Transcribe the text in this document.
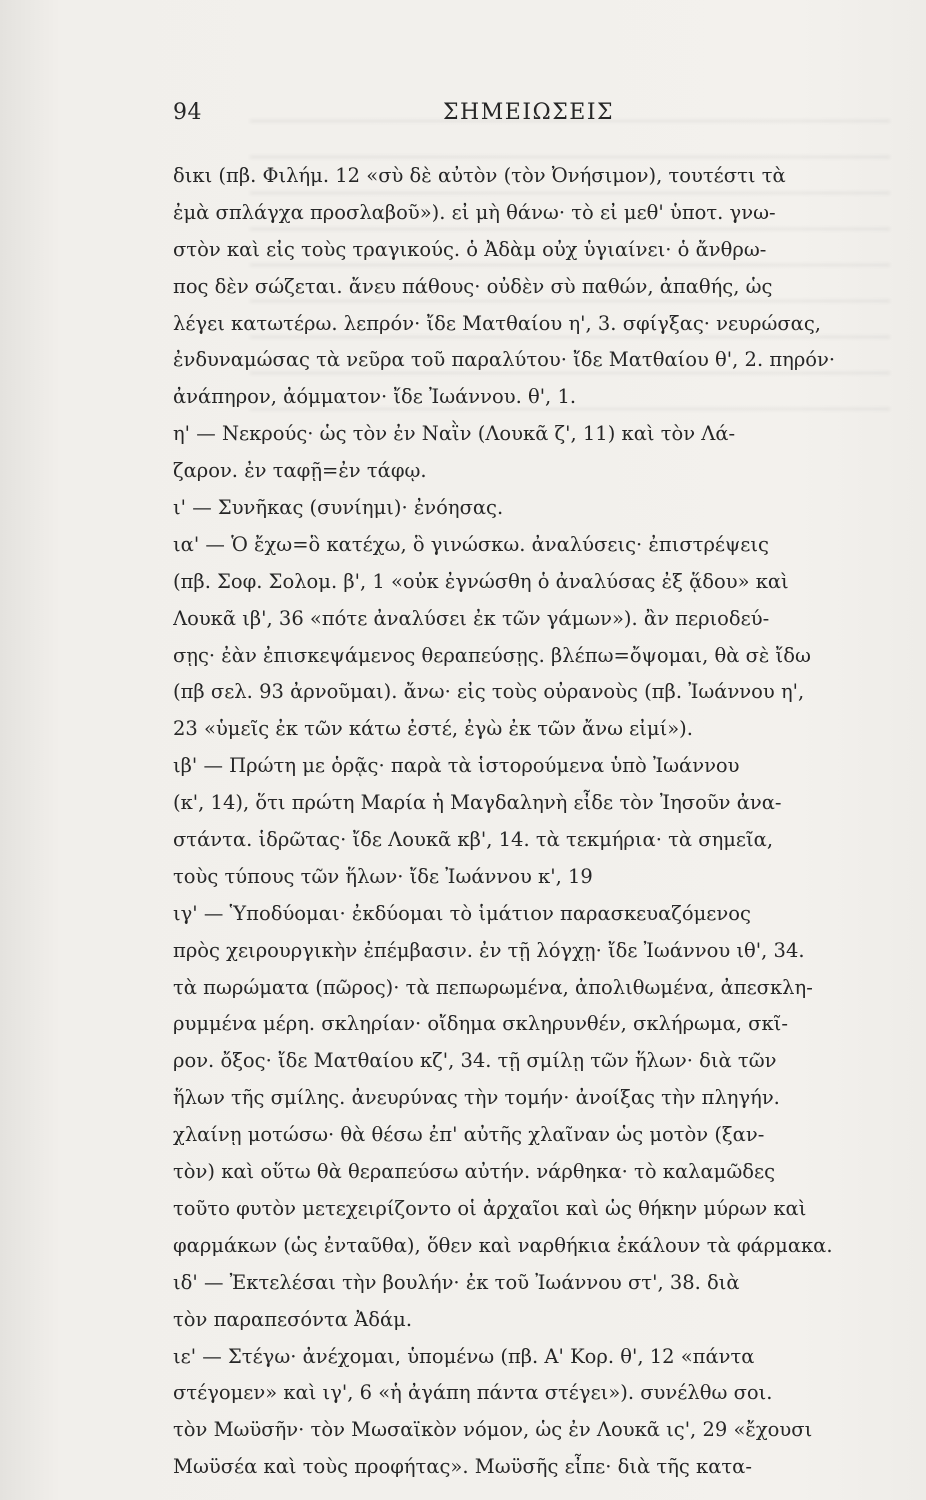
94	ΣΗΜΕΙΩΣΕΙΣ
δικι (πβ. Φιλήμ. 12 «σὺ δὲ αὐτὸν (τὸν Ὀνήσιμον), τουτέστι τὰ
ἐμὰ σπλάγχα προσλαβοῦ»). εἰ μὴ θάνω· τὸ εἰ μεθ' ὑποτ. γνω-
στὸν καὶ εἰς τοὺς τραγικούς. ὁ Ἀδὰμ οὐχ ὑγιαίνει· ὁ ἄνθρω-
πος δὲν σώζεται. ἄνευ πάθους· οὐδὲν σὺ παθών, ἀπαθής, ὡς
λέγει κατωτέρω. λεπρόν· ἴδε Ματθαίου η', 3. σφίγξας· νευρώσας,
ἐνδυναμώσας τὰ νεῦρα τοῦ παραλύτου· ἴδε Ματθαίου θ', 2. πηρόν·
ἀνάπηρον, ἀόμματον· ἴδε Ἰωάννου. θ', 1.
η' — Νεκρούς· ὡς τὸν ἐν Ναῒν (Λουκᾶ ζ', 11) καὶ τὸν Λά-
ζαρον. ἐν ταφῇ=ἐν τάφῳ.
ι' — Συνῆκας (συνίημι)· ἐνόησας.
ια' — Ὁ ἔχω=ὃ κατέχω, ὃ γινώσκω. ἀναλύσεις· ἐπιστρέψεις
(πβ. Σοφ. Σολομ. β', 1 «οὐκ ἐγνώσθη ὁ ἀναλύσας ἐξ ᾅδου» καὶ
Λουκᾶ ιβ', 36 «πότε ἀναλύσει ἐκ τῶν γάμων»). ἂν περιοδεύ-
σῃς· ἐὰν ἐπισκεψάμενος θεραπεύσῃς. βλέπω=ὄψομαι, θὰ σὲ ἴδω
(πβ σελ. 93 ἀρνοῦμαι). ἄνω· εἰς τοὺς οὐρανοὺς (πβ. Ἰωάννου η',
23 «ὑμεῖς ἐκ τῶν κάτω ἐστέ, ἐγὼ ἐκ τῶν ἄνω εἰμί»).
ιβ' — Πρώτη με ὁρᾷς· παρὰ τὰ ἱστορούμενα ὑπὸ Ἰωάννου
(κ', 14), ὅτι πρώτη Μαρία ἡ Μαγδαληνὴ εἶδε τὸν Ἰησοῦν ἀνα-
στάντα. ἱδρῶτας· ἴδε Λουκᾶ κβ', 14. τὰ τεκμήρια· τὰ σημεῖα,
τοὺς τύπους τῶν ἥλων· ἴδε Ἰωάννου κ', 19
ιγ' — Ὑποδύομαι· ἐκδύομαι τὸ ἱμάτιον παρασκευαζόμενος
πρὸς χειρουργικὴν ἐπέμβασιν. ἐν τῇ λόγχῃ· ἴδε Ἰωάννου ιθ', 34.
τὰ πωρώματα (πῶρος)· τὰ πεπωρωμένα, ἀπολιθωμένα, ἀπεσκλη-
ρυμμένα μέρη. σκληρίαν· οἴδημα σκληρυνθέν, σκλήρωμα, σκῖ-
ρον. ὄξος· ἴδε Ματθαίου κζ', 34. τῇ σμίλῃ τῶν ἥλων· διὰ τῶν
ἥλων τῆς σμίλης. ἀνευρύνας τὴν τομήν· ἀνοίξας τὴν πληγήν.
χλαίνῃ μοτώσω· θὰ θέσω ἐπ' αὐτῆς χλαῖναν ὡς μοτὸν (ξαν-
τὸν) καὶ οὕτω θὰ θεραπεύσω αὐτήν. νάρθηκα· τὸ καλαμῶδες
τοῦτο φυτὸν μετεχειρίζοντο οἱ ἀρχαῖοι καὶ ὡς θήκην μύρων καὶ
φαρμάκων (ὡς ἐνταῦθα), ὅθεν καὶ ναρθήκια ἐκάλουν τὰ φάρμακα.
ιδ' — Ἐκτελέσαι τὴν βουλήν· ἐκ τοῦ Ἰωάννου στ', 38. διὰ
τὸν παραπεσόντα Ἀδάμ.
ιε' — Στέγω· ἀνέχομαι, ὑπομένω (πβ. Α' Κορ. θ', 12 «πάντα
στέγομεν» καὶ ιγ', 6 «ἡ ἀγάπη πάντα στέγει»). συνέλθω σοι.
τὸν Μωϋσῆν· τὸν Μωσαϊκὸν νόμον, ὡς ἐν Λουκᾶ ις', 29 «ἔχουσι
Μωϋσέα καὶ τοὺς προφήτας». Μωϋσῆς εἶπε· διὰ τῆς κατα-
